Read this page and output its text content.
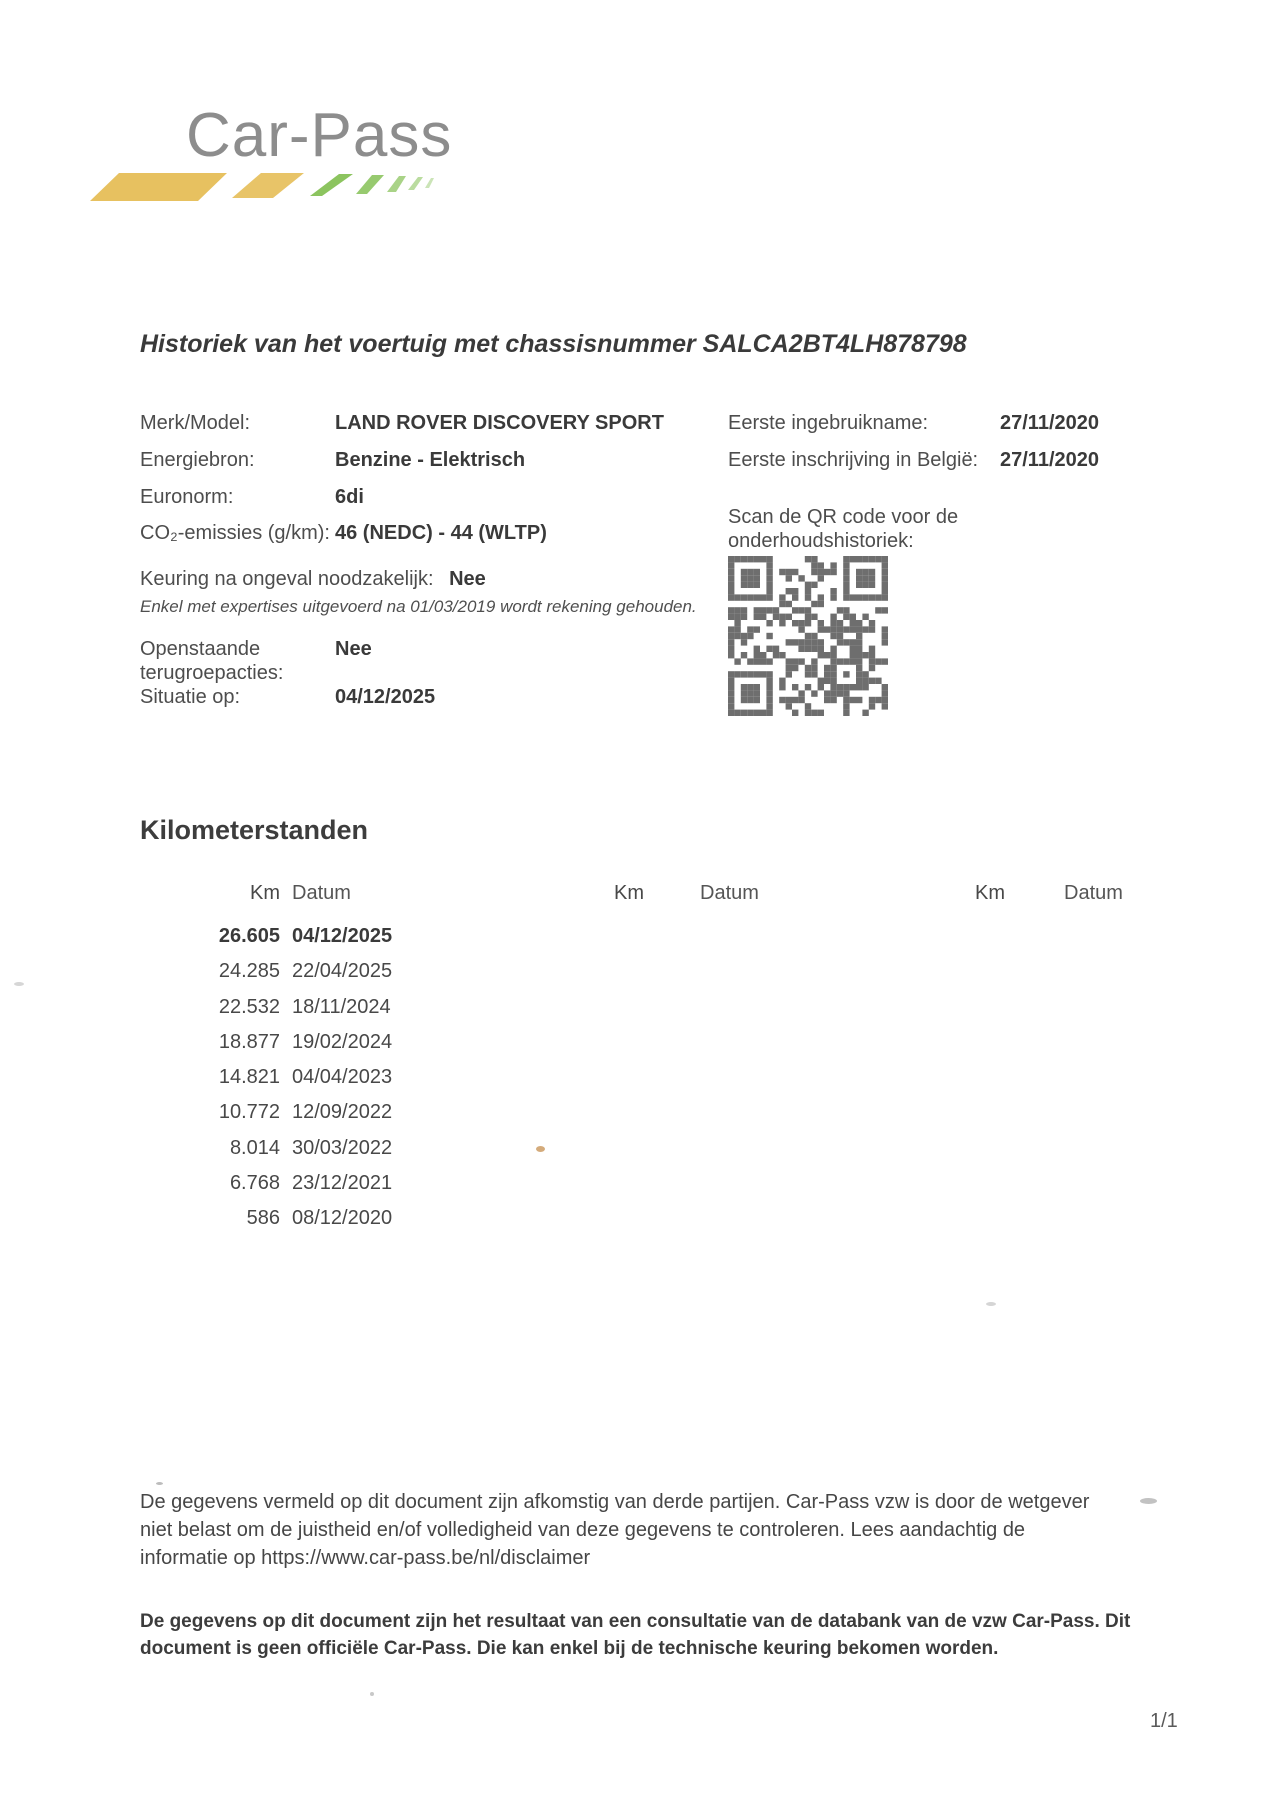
Car-Pass
Historiek van het voertuig met chassisnummer SALCA2BT4LH878798
Merk/Model:	LAND ROVER DISCOVERY SPORT
Energiebron:	Benzine - Elektrisch
Euronorm:	6di
CO₂-emissies (g/km): 46 (NEDC) - 44 (WLTP)
Eerste ingebruikname:	27/11/2020
Eerste inschrijving in België: 27/11/2020
Scan de QR code voor de
onderhoudshistoriek:
Keuring na ongeval noodzakelijk: Nee
Enkel met expertises uitgevoerd na 01/03/2019 wordt rekening gehouden.
Openstaande
terugroepacties:
Nee
Situatie op:	04/12/2025
Kilometerstanden
Km Datum	Km	Datum	Km	Datum
26.605 04/12/2025
24.285 22/04/2025
22.532 18/11/2024
18.877 19/02/2024
14.821 04/04/2023
10.772 12/09/2022
8.014 30/03/2022
6.768 23/12/2021
586 08/12/2020
De gegevens vermeld op dit document zijn afkomstig van derde partijen. Car-Pass vzw is door de wetgever niet belast om de juistheid en/of volledigheid van deze gegevens te controleren. Lees aandachtig de informatie op https://www.car-pass.be/nl/disclaimer
De gegevens op dit document zijn het resultaat van een consultatie van de databank van de vzw Car-Pass. Dit document is geen officiële Car-Pass. Die kan enkel bij de technische keuring bekomen worden.
1/1
